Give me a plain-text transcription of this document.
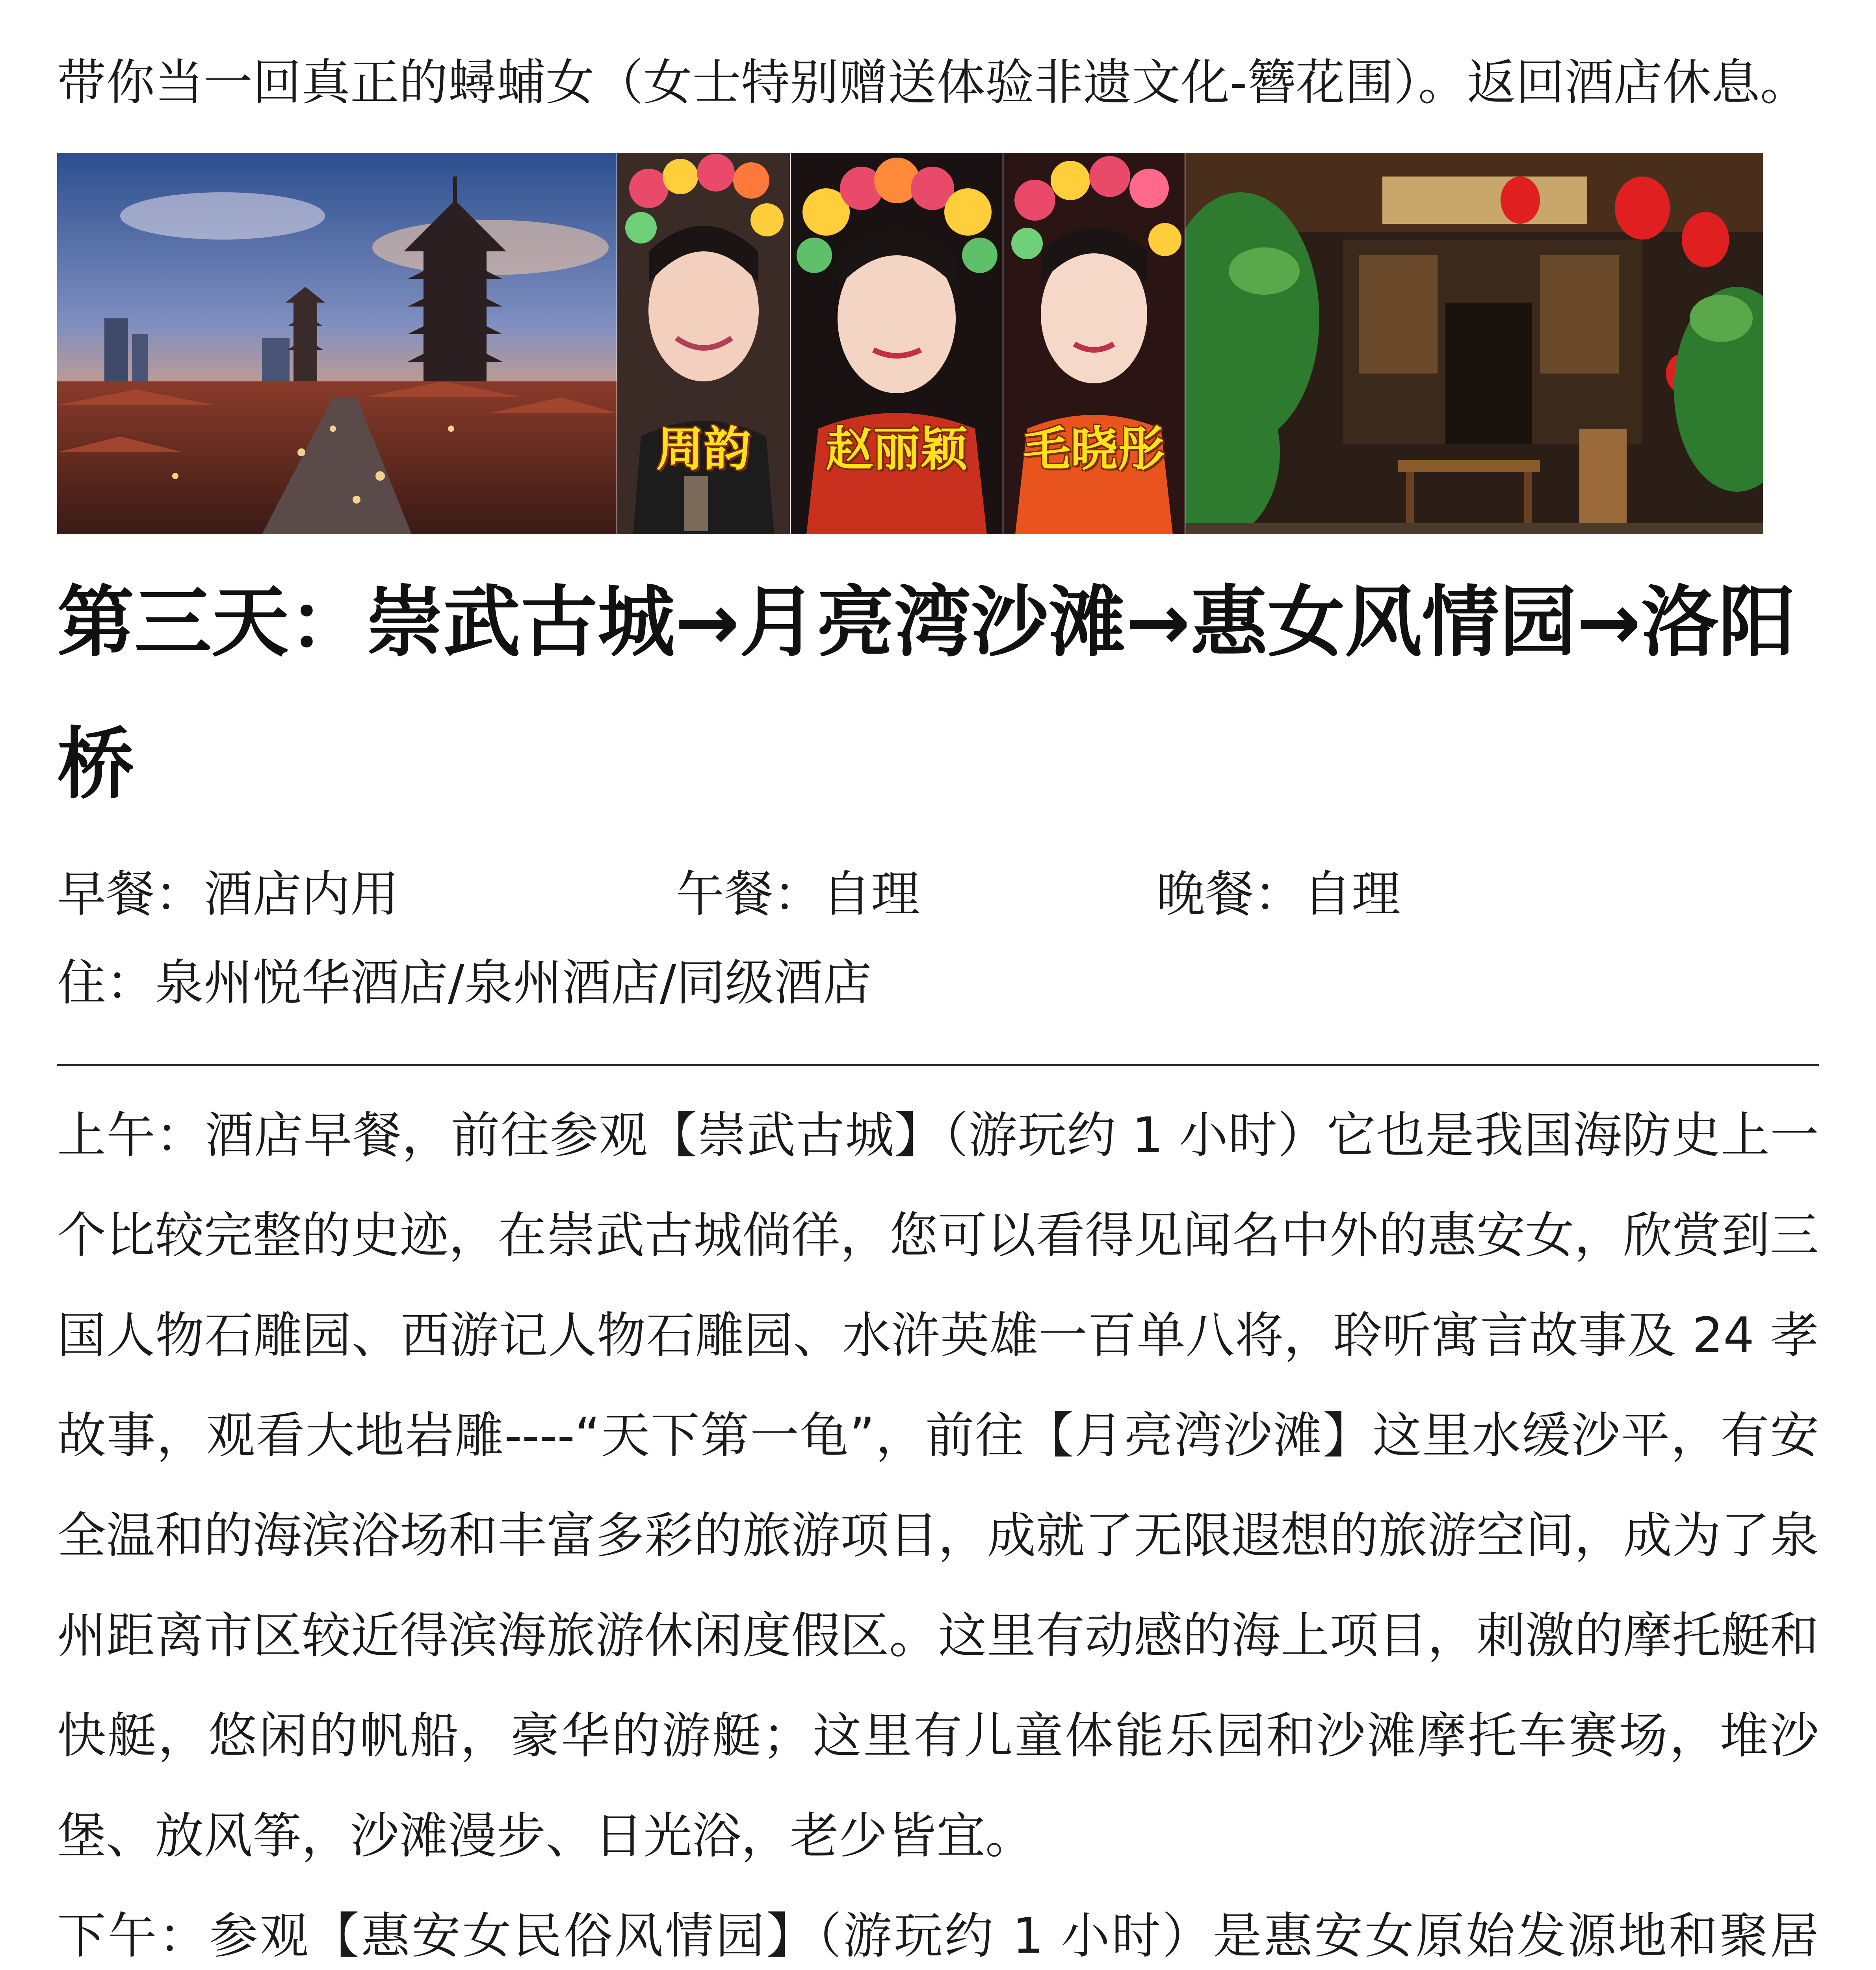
带你当一回真正的蟳蜅女（女士特别赠送体验非遗文化-簪花围）。返回酒店休息。
周韵	赵丽颖	毛晓彤
第三天：崇武古城→月亮湾沙滩→惠女风情园→洛阳桥
早餐：酒店内用	午餐：自理	晚餐：自理
住：泉州悦华酒店/泉州酒店/同级酒店

上午：酒店早餐，前往参观【崇武古城】（游玩约 1 小时）它也是我国海防史上一个比较完整的史迹，在崇武古城倘徉，您可以看得见闻名中外的惠安女，欣赏到三国人物石雕园、西游记人物石雕园、水浒英雄一百单八将，聆听寓言故事及 24 孝故事，观看大地岩雕----“天下第一龟”，前往【月亮湾沙滩】这里水缓沙平，有安全温和的海滨浴场和丰富多彩的旅游项目，成就了无限遐想的旅游空间，成为了泉州距离市区较近得滨海旅游休闲度假区。这里有动感的海上项目，刺激的摩托艇和快艇，悠闲的帆船，豪华的游艇；这里有儿童体能乐园和沙滩摩托车赛场，堆沙堡、放风筝，沙滩漫步、日光浴，老少皆宜。

下午：参观【惠安女民俗风情园】（游玩约 1 小时）是惠安女原始发源地和聚居
